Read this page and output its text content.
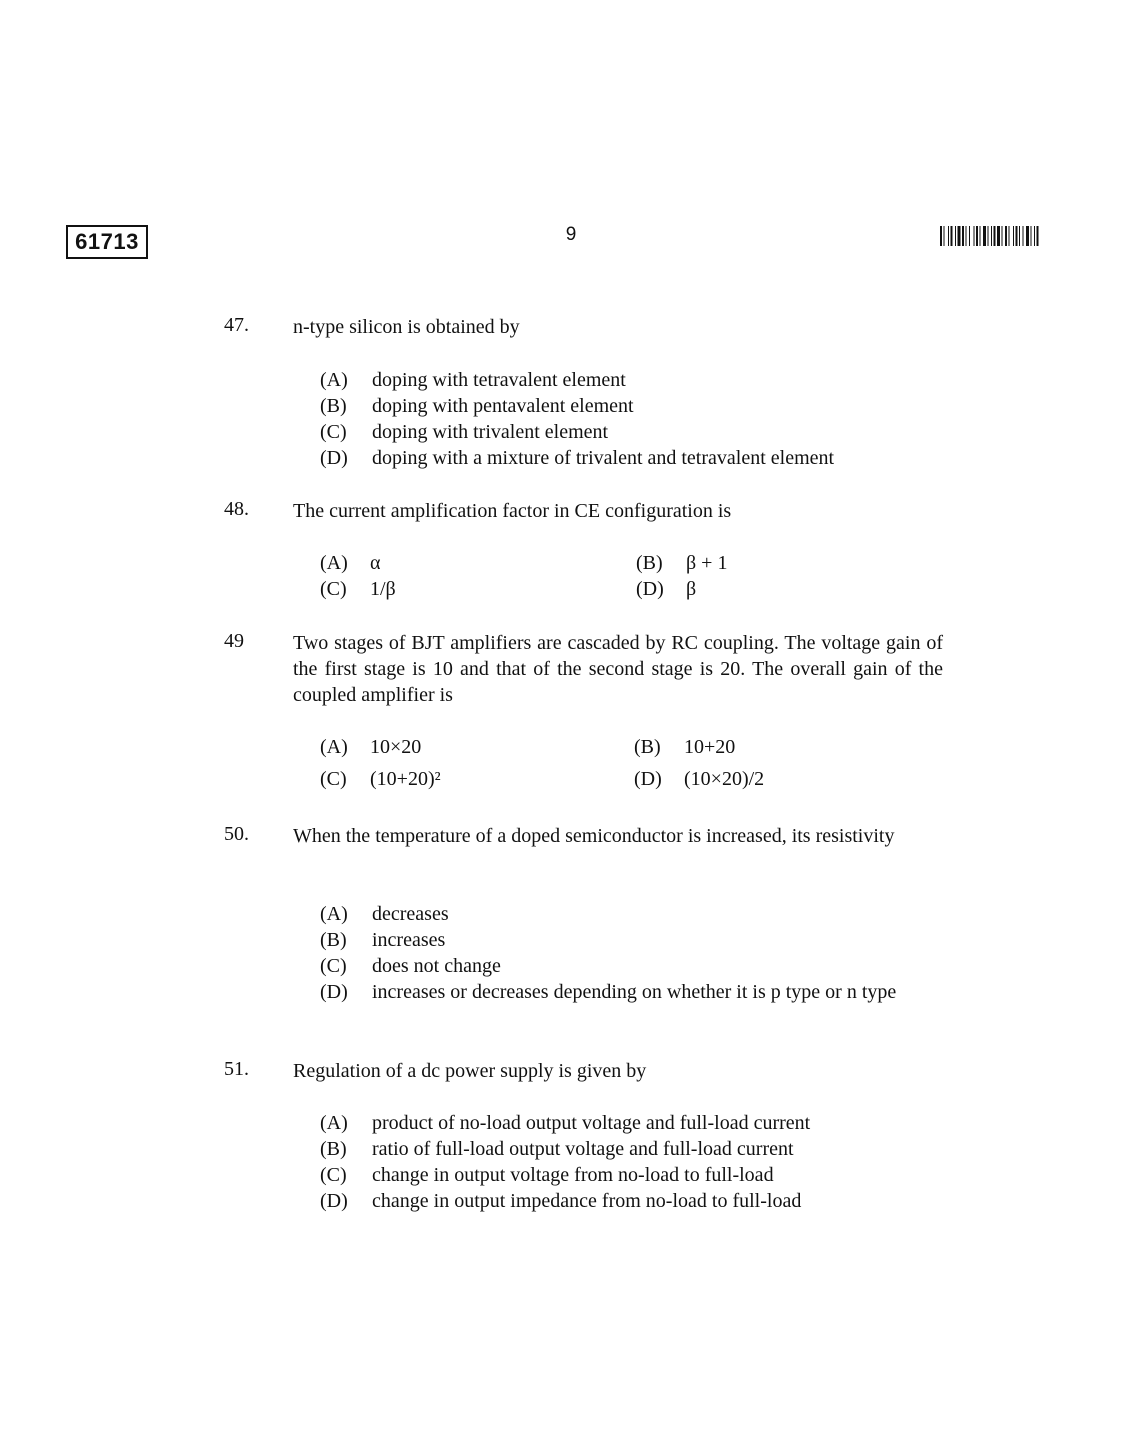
61713	9
47.	n-type silicon is obtained by
(A)	doping with tetravalent element
(B)	doping with pentavalent element
(C)	doping with trivalent element
(D)	doping with a mixture of trivalent and tetravalent element
48.	The current amplification factor in CE configuration is
(A) α	(B) β + 1
(C) 1/β	(D) β
49	Two stages of BJT amplifiers are cascaded by RC coupling. The voltage gain of the first stage is 10 and that of the second stage is 20. The overall gain of the coupled amplifier is
(A) 10×20	(B) 10+20
(C) (10+20)²	(D) (10×20)/2
50.	When the temperature of a doped semiconductor is increased, its resistivity
(A)	decreases
(B)	increases
(C)	does not change
(D)	increases or decreases depending on whether it is p type or n type
51.	Regulation of a dc power supply is given by
(A)	product of no-load output voltage and full-load current
(B)	ratio of full-load output voltage and full-load current
(C)	change in output voltage from no-load to full-load
(D)	change in output impedance from no-load to full-load
